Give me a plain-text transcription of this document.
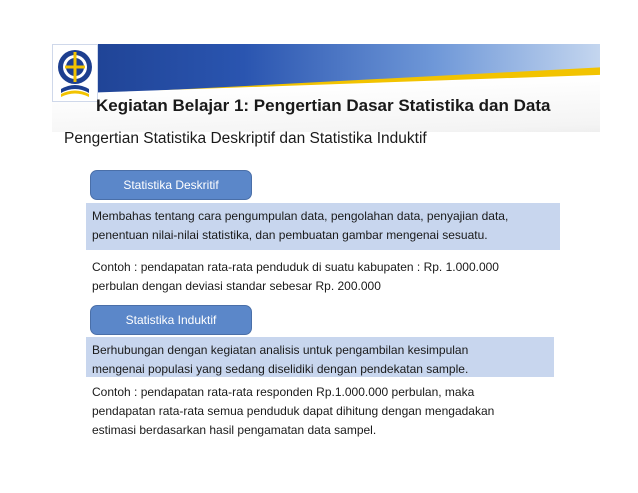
Kegiatan Belajar 1: Pengertian Dasar Statistika dan Data
Pengertian Statistika Deskriptif dan Statistika Induktif
Statistika Deskritif
Membahas tentang cara pengumpulan data, pengolahan data, penyajian data,
penentuan nilai-nilai statistika, dan pembuatan gambar mengenai sesuatu.
Contoh : pendapatan rata-rata penduduk di suatu kabupaten : Rp. 1.000.000
perbulan dengan deviasi standar sebesar Rp. 200.000
Statistika Induktif
Berhubungan dengan kegiatan analisis untuk pengambilan kesimpulan
mengenai populasi yang sedang diselidiki dengan pendekatan sample.
Contoh : pendapatan rata-rata responden Rp.1.000.000 perbulan, maka
pendapatan rata-rata semua penduduk dapat dihitung dengan mengadakan
estimasi berdasarkan hasil pengamatan data sampel.
